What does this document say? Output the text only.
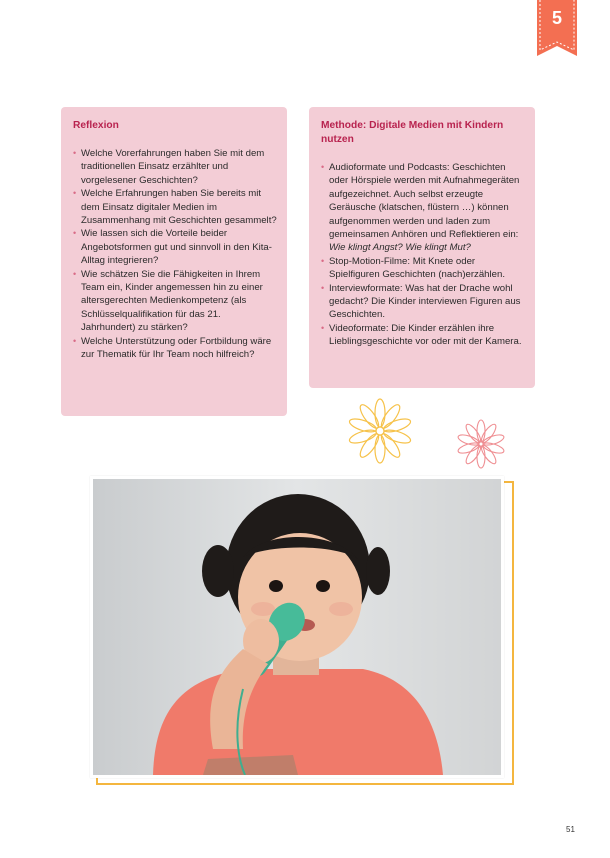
5
Reflexion
• Welche Vorerfahrungen haben Sie mit dem traditionellen Einsatz erzählter und vorgelesener Geschichten?
• Welche Erfahrungen haben Sie bereits mit dem Einsatz digitaler Medien im Zusammenhang mit Geschichten gesammelt?
• Wie lassen sich die Vorteile beider Angebotsformen gut und sinnvoll in den Kita-Alltag integrieren?
• Wie schätzen Sie die Fähigkeiten in Ihrem Team ein, Kinder angemessen hin zu einer altersgerechten Medienkompetenz (als Schlüsselqualifikation für das 21. Jahrhundert) zu stärken?
• Welche Unterstützung oder Fortbildung wäre zur Thematik für Ihr Team noch hilfreich?
Methode: Digitale Medien mit Kindern nutzen
• Audioformate und Podcasts: Geschichten oder Hörspiele werden mit Aufnahmegeräten aufgezeichnet. Auch selbst erzeugte Geräusche (klatschen, flüstern …) können aufgenommen werden und laden zum gemeinsamen Anhören und Reflektieren ein: Wie klingt Angst? Wie klingt Mut?
• Stop-Motion-Filme: Mit Knete oder Spielfiguren Geschichten (nach)erzählen.
• Interviewformate: Was hat der Drache wohl gedacht? Die Kinder interviewen Figuren aus Geschichten.
• Videoformate: Die Kinder erzählen ihre Lieblingsgeschichte vor oder mit der Kamera.
51
